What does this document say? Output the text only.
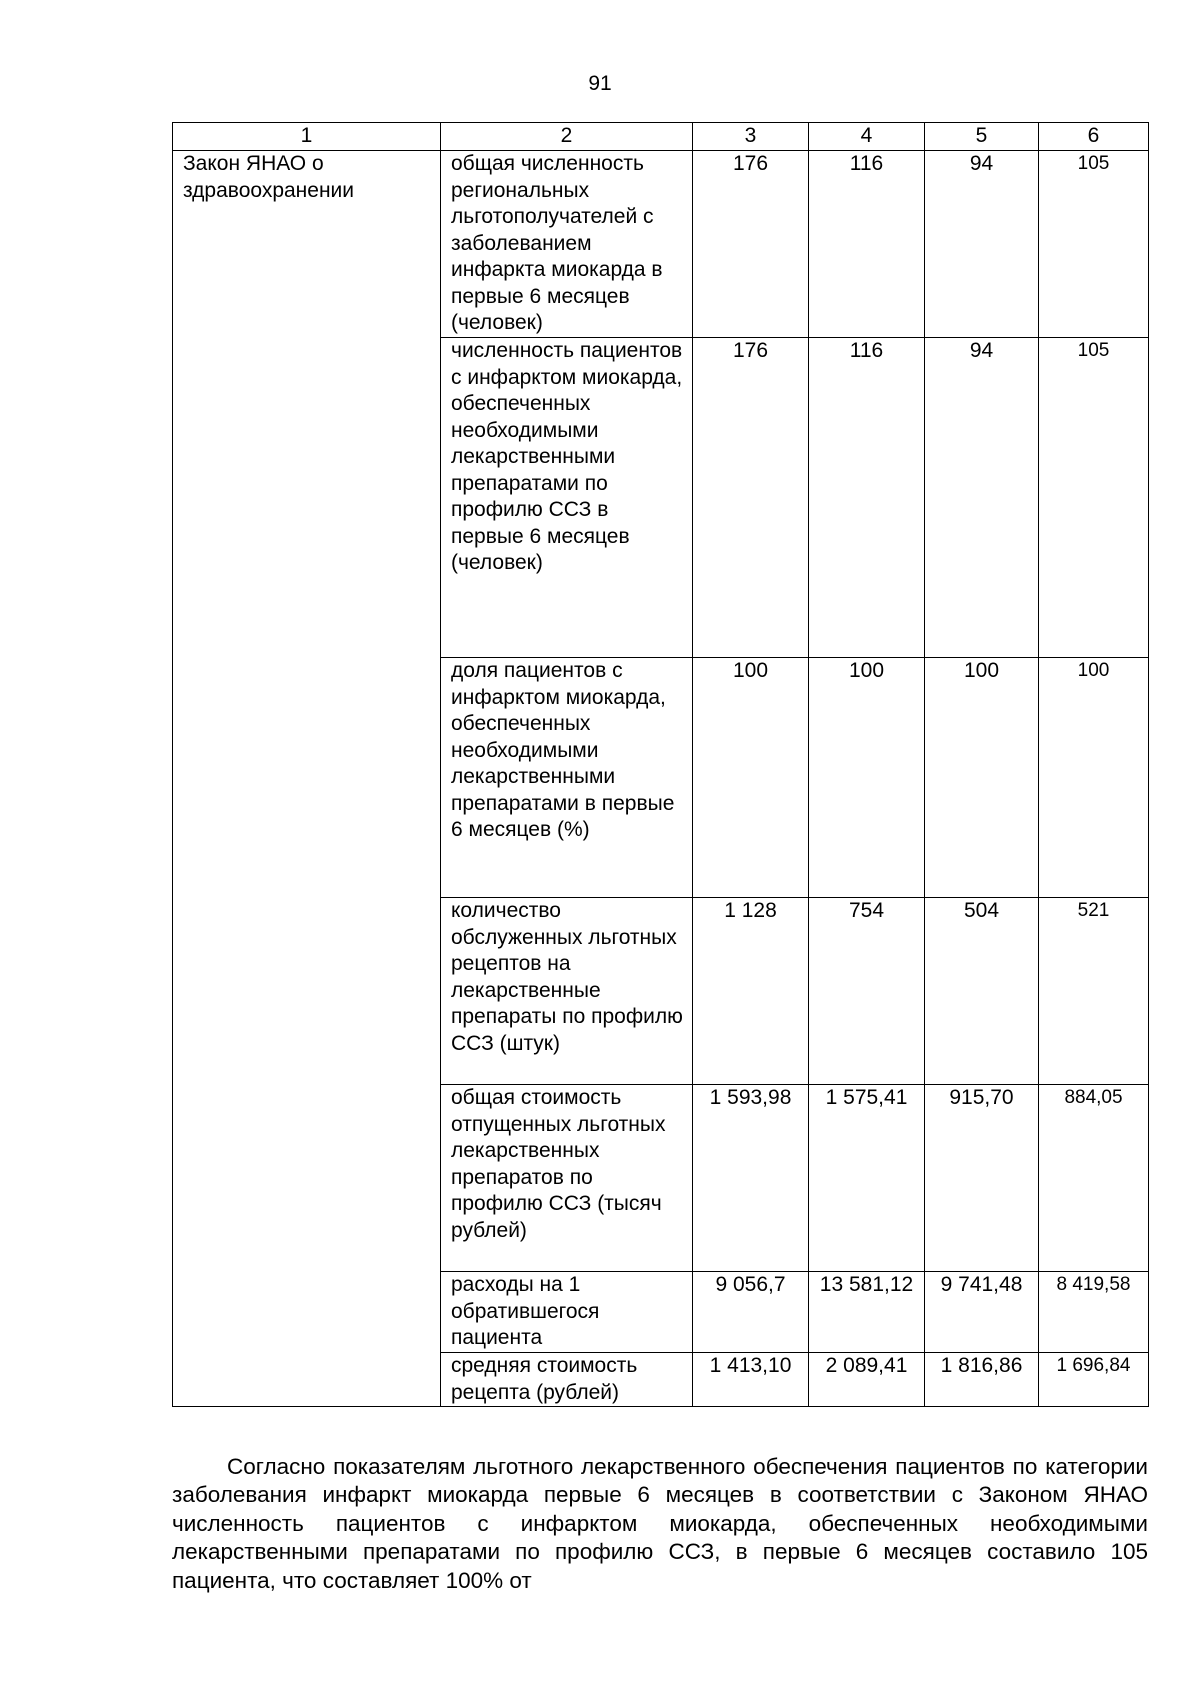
91
1	2	3	4	5	6
Закон ЯНАО о здравоохранении	общая численность региональных льготополучателей с заболеванием инфаркта миокарда в первые 6 месяцев (человек)	176	116	94	105
	численность пациентов с инфарктом миокарда, обеспеченных необходимыми лекарственными препаратами по профилю ССЗ в первые 6 месяцев (человек)	176	116	94	105
	доля пациентов с инфарктом миокарда, обеспеченных необходимыми лекарственными препаратами в первые 6 месяцев (%)	100	100	100	100
	количество обслуженных льготных рецептов на лекарственные препараты по профилю ССЗ (штук)	1 128	754	504	521
	общая стоимость отпущенных льготных лекарственных препаратов по профилю ССЗ (тысяч рублей)	1 593,98	1 575,41	915,70	884,05
	расходы на 1 обратившегося пациента	9 056,7	13 581,12	9 741,48	8 419,58
	средняя стоимость рецепта (рублей)	1 413,10	2 089,41	1 816,86	1 696,84

Согласно показателям льготного лекарственного обеспечения пациентов по категории заболевания инфаркт миокарда первые 6 месяцев в соответствии с Законом ЯНАО численность пациентов с инфарктом миокарда, обеспеченных необходимыми лекарственными препаратами по профилю ССЗ, в первые 6 месяцев составило 105 пациента, что составляет 100% от
